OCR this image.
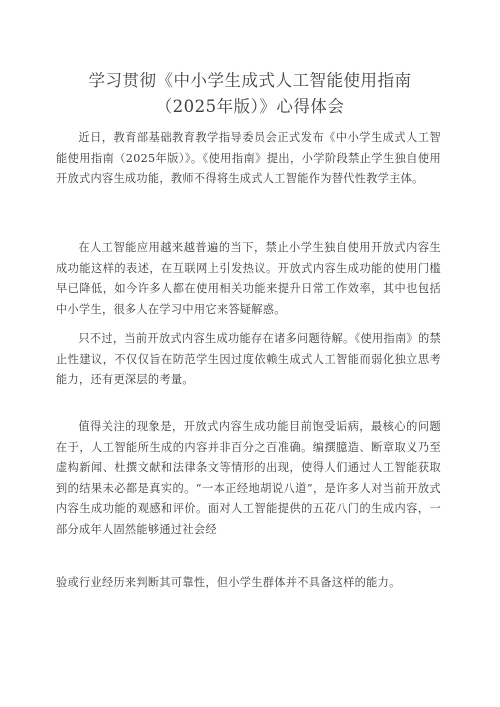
学习贯彻《中小学生成式人工智能使用指南（2025年版）》心得体会
近日，教育部基础教育教学指导委员会正式发布《中小学生成式人工智能使用指南（2025年版）》。《使用指南》提出，小学阶段禁止学生独自使用开放式内容生成功能，教师不得将生成式人工智能作为替代性教学主体。
在人工智能应用越来越普遍的当下，禁止小学生独自使用开放式内容生成功能这样的表述，在互联网上引发热议。开放式内容生成功能的使用门槛早已降低，如今许多人都在使用相关功能来提升日常工作效率，其中也包括中小学生，很多人在学习中用它来答疑解惑。
只不过，当前开放式内容生成功能存在诸多问题待解。《使用指南》的禁止性建议，不仅仅旨在防范学生因过度依赖生成式人工智能而弱化独立思考能力，还有更深层的考量。
值得关注的现象是，开放式内容生成功能目前饱受诟病，最核心的问题在于，人工智能所生成的内容并非百分之百准确。编撰臆造、断章取义乃至虚构新闻、杜撰文献和法律条文等情形的出现，使得人们通过人工智能获取到的结果未必都是真实的。“一本正经地胡说八道”，是许多人对当前开放式内容生成功能的观感和评价。面对人工智能提供的五花八门的生成内容，一部分成年人固然能够通过社会经
验或行业经历来判断其可靠性，但小学生群体并不具备这样的能力。
